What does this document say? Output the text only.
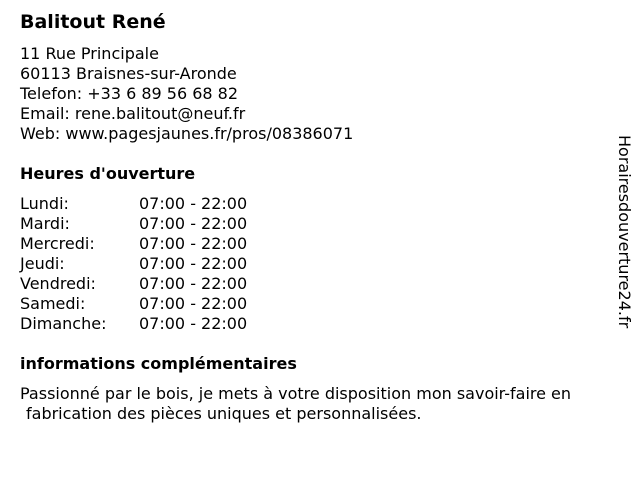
Balitout René
11 Rue Principale
60113 Braisnes-sur-Aronde
Telefon: +33 6 89 56 68 82
Email: rene.balitout@neuf.fr
Web: www.pagesjaunes.fr/pros/08386071
Heures d'ouverture
Lundi:	07:00 - 22:00
Mardi:	07:00 - 22:00
Mercredi:	07:00 - 22:00
Jeudi:	07:00 - 22:00
Vendredi:	07:00 - 22:00
Samedi:	07:00 - 22:00
Dimanche:	07:00 - 22:00
informations complémentaires
Passionné par le bois, je mets à votre disposition mon savoir-faire en
fabrication des pièces uniques et personnalisées.
Horairesdouverture24.fr
